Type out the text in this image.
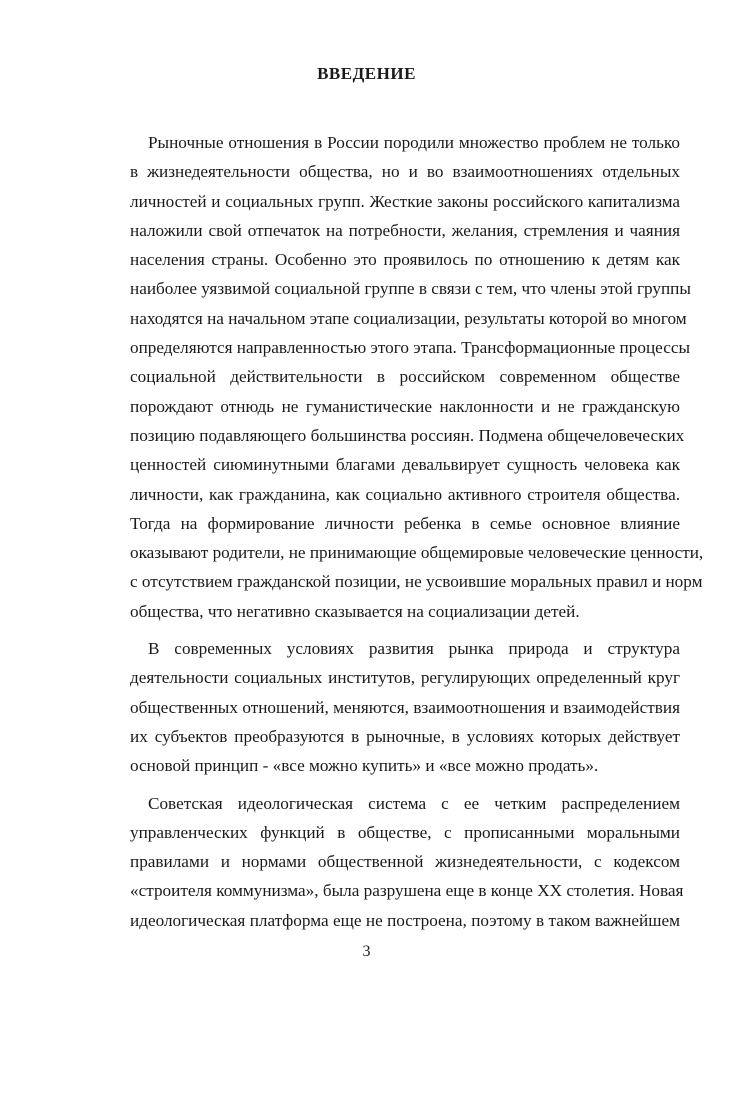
ВВЕДЕНИЕ
Рыночные отношения в России породили множество проблем не только
в жизнедеятельности общества, но и во взаимоотношениях отдельных
личностей и социальных групп. Жесткие законы российского капитализма
наложили свой отпечаток на потребности, желания, стремления и чаяния
населения страны. Особенно это проявилось по отношению к детям как
наиболее уязвимой социальной группе в связи с тем, что члены этой группы
находятся на начальном этапе социализации, результаты которой во многом
определяются направленностью этого этапа. Трансформационные процессы
социальной действительности в российском современном обществе
порождают отнюдь не гуманистические наклонности и не гражданскую
позицию подавляющего большинства россиян. Подмена общечеловеческих
ценностей сиюминутными благами девальвирует сущность человека как
личности, как гражданина, как социально активного строителя общества.
Тогда на формирование личности ребенка в семье основное влияние
оказывают родители, не принимающие общемировые человеческие ценности,
с отсутствием гражданской позиции, не усвоившие моральных правил и норм
общества, что негативно сказывается на социализации детей.
В современных условиях развития рынка природа и структура
деятельности социальных институтов, регулирующих определенный круг
общественных отношений, меняются, взаимоотношения и взаимодействия
их субъектов преобразуются в рыночные, в условиях которых действует
основой принцип - «все можно купить» и «все можно продать».
Советская идеологическая система с ее четким распределением
управленческих функций в обществе, с прописанными моральными
правилами и нормами общественной жизнедеятельности, с кодексом
«строителя коммунизма», была разрушена еще в конце XX столетия. Новая
идеологическая платформа еще не построена, поэтому в таком важнейшем
3
